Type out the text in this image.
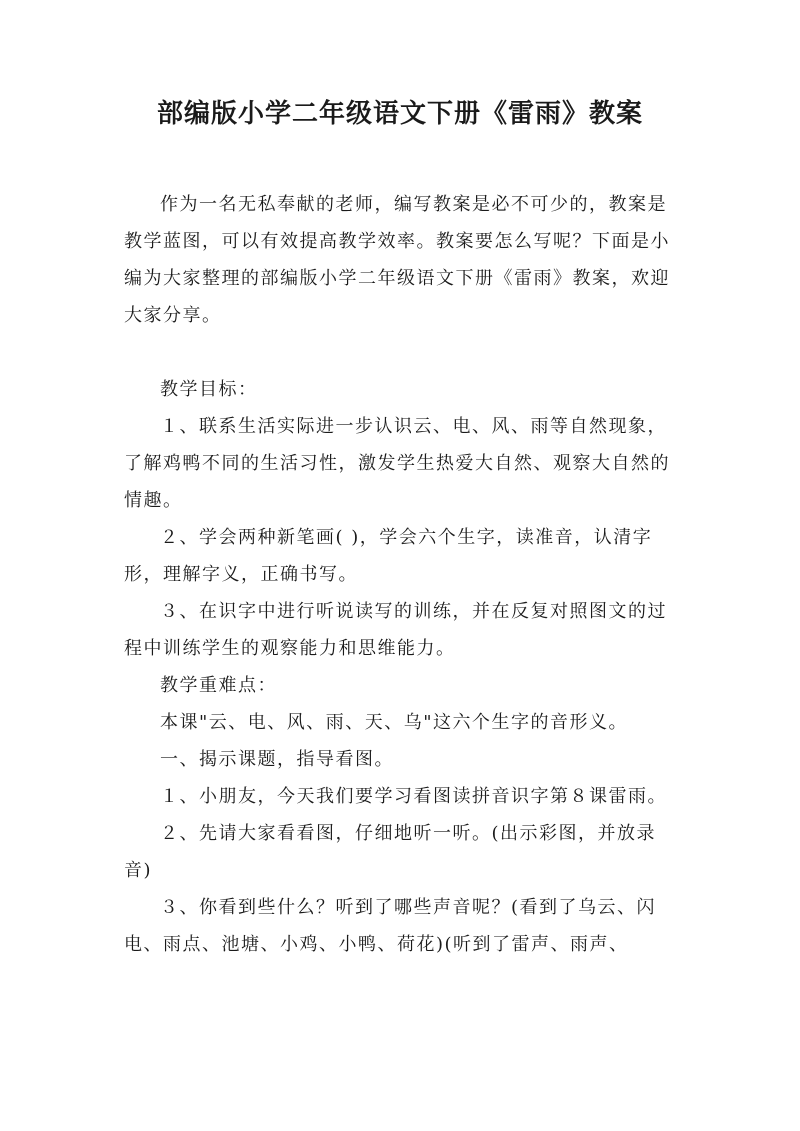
部编版小学二年级语文下册《雷雨》教案

作为一名无私奉献的老师，编写教案是必不可少的，教案是教学蓝图，可以有效提高教学效率。教案要怎么写呢？下面是小编为大家整理的部编版小学二年级语文下册《雷雨》教案，欢迎大家分享。

教学目标：

１、联系生活实际进一步认识云、电、风、雨等自然现象，了解鸡鸭不同的生活习性，激发学生热爱大自然、观察大自然的情趣。

２、学会两种新笔画( )，学会六个生字，读准音，认清字形，理解字义，正确书写。

３、在识字中进行听说读写的训练，并在反复对照图文的过程中训练学生的观察能力和思维能力。

教学重难点：

本课"云、电、风、雨、天、乌"这六个生字的音形义。

一、揭示课题，指导看图。

１、小朋友，今天我们要学习看图读拼音识字第８课雷雨。

２、先请大家看看图，仔细地听一听。(出示彩图，并放录音)

３、你看到些什么？听到了哪些声音呢？(看到了乌云、闪电、雨点、池塘、小鸡、小鸭、荷花)(听到了雷声、雨声、
